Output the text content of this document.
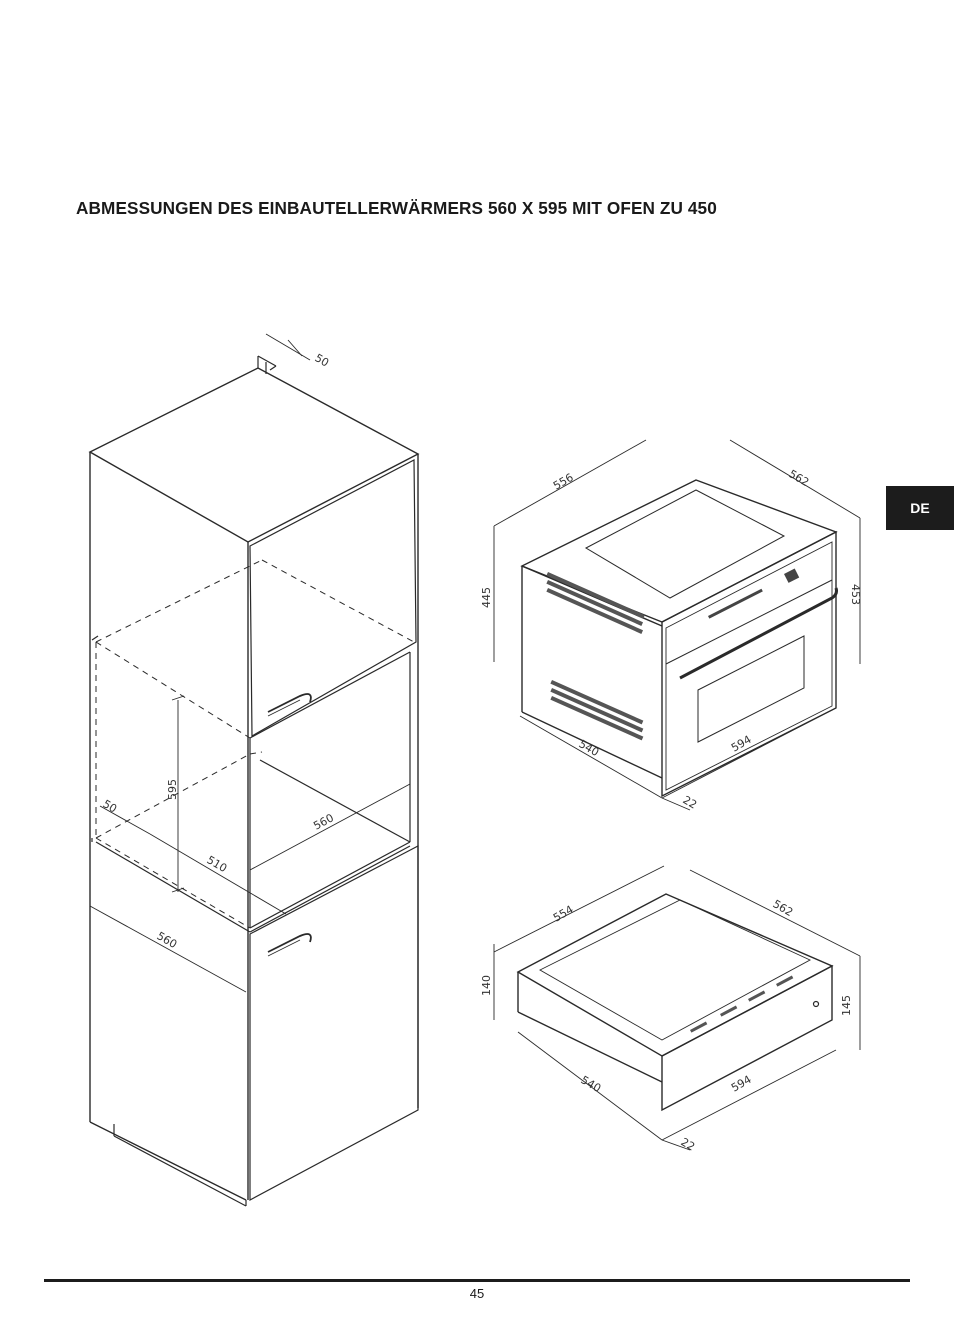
ABMESSUNGEN DES EINBAUTELLERWÄRMERS 560 X 595 MIT OFEN ZU 450
DE
50
595
50
510
560
560
556	562
445	453
540	594
22
554	562
140
145
540	594
22
45
